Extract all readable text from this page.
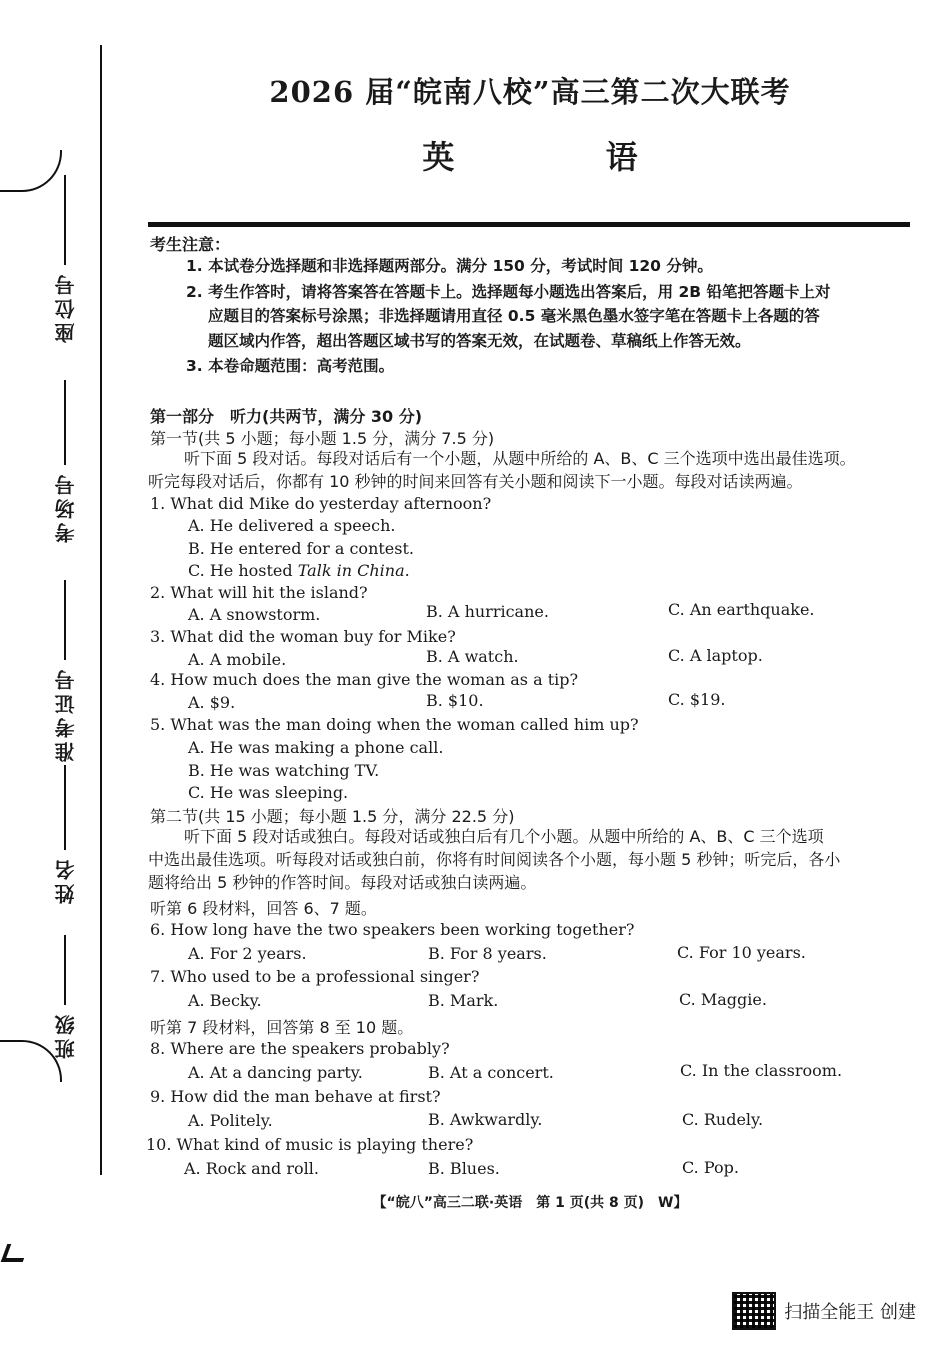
座位号
考场号
准考证号
姓名
班级
2026 届“皖南八校”高三第二次大联考
英 语
考生注意：
1. 本试卷分选择题和非选择题两部分。满分 150 分，考试时间 120 分钟。
2. 考生作答时，请将答案答在答题卡上。选择题每小题选出答案后，用 2B 铅笔把答题卡上对
应题目的答案标号涂黑；非选择题请用直径 0.5 毫米黑色墨水签字笔在答题卡上各题的答
题区域内作答，超出答题区域书写的答案无效，在试题卷、草稿纸上作答无效。
3. 本卷命题范围：高考范围。
第一部分　听力(共两节，满分 30 分)
第一节(共 5 小题；每小题 1.5 分，满分 7.5 分)
听下面 5 段对话。每段对话后有一个小题，从题中所给的 A、B、C 三个选项中选出最佳选项。
听完每段对话后，你都有 10 秒钟的时间来回答有关小题和阅读下一小题。每段对话读两遍。
1. What did Mike do yesterday afternoon?
A. He delivered a speech.
B. He entered for a contest.
C. He hosted Talk in China.
2. What will hit the island?
A. A snowstorm.	B. A hurricane.	C. An earthquake.
3. What did the woman buy for Mike?
A. A mobile.	B. A watch.	C. A laptop.
4. How much does the man give the woman as a tip?
A. $9.	B. $10.	C. $19.
5. What was the man doing when the woman called him up?
A. He was making a phone call.
B. He was watching TV.
C. He was sleeping.
第二节(共 15 小题；每小题 1.5 分，满分 22.5 分)
听下面 5 段对话或独白。每段对话或独白后有几个小题。从题中所给的 A、B、C 三个选项
中选出最佳选项。听每段对话或独白前，你将有时间阅读各个小题，每小题 5 秒钟；听完后，各小
题将给出 5 秒钟的作答时间。每段对话或独白读两遍。
听第 6 段材料，回答 6、7 题。
6. How long have the two speakers been working together?
A. For 2 years.	B. For 8 years.	C. For 10 years.
7. Who used to be a professional singer?
A. Becky.	B. Mark.	C. Maggie.
听第 7 段材料，回答第 8 至 10 题。
8. Where are the speakers probably?
A. At a dancing party.	B. At a concert.	C. In the classroom.
9. How did the man behave at first?
A. Politely.	B. Awkwardly.	C. Rudely.
10. What kind of music is playing there?
A. Rock and roll.	B. Blues.	C. Pop.
【“皖八”高三二联·英语　第 1 页(共 8 页)　W】
扫描全能王 创建
